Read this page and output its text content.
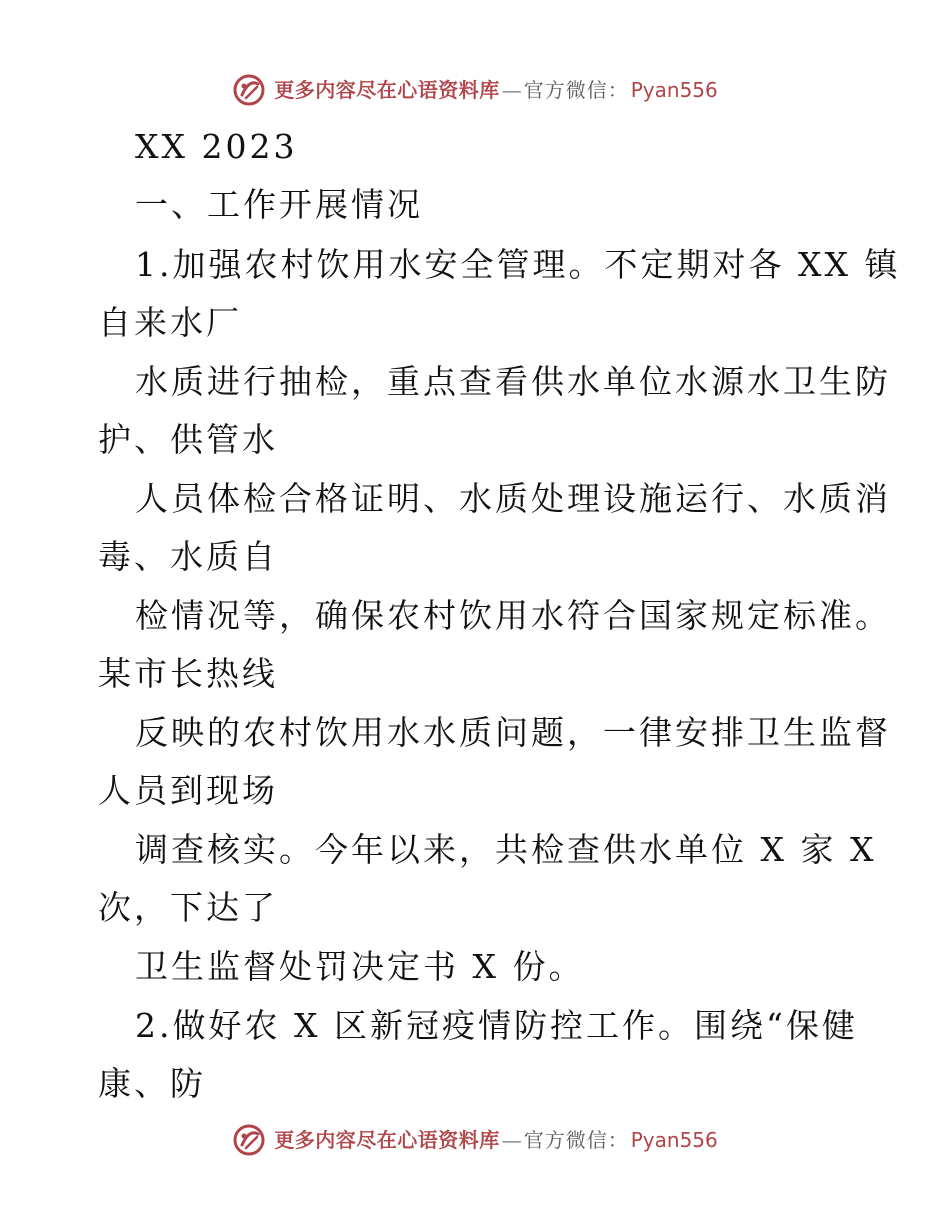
更多内容尽在心语资料库 — 官方微信： Pyan556
XX 2023
一、工作开展情况
1.加强农村饮用水安全管理。不定期对各 XX 镇
自来水厂
水质进行抽检，重点查看供水单位水源水卫生防
护、供管水
人员体检合格证明、水质处理设施运行、水质消
毒、水质自
检情况等，确保农村饮用水符合国家规定标准。
某市长热线
反映的农村饮用水水质问题，一律安排卫生监督
人员到现场
调查核实。今年以来，共检查供水单位 X 家 X
次，下达了
卫生监督处罚决定书 X 份。
2.做好农 X 区新冠疫情防控工作。围绕“保健
康、防
更多内容尽在心语资料库 — 官方微信： Pyan556
